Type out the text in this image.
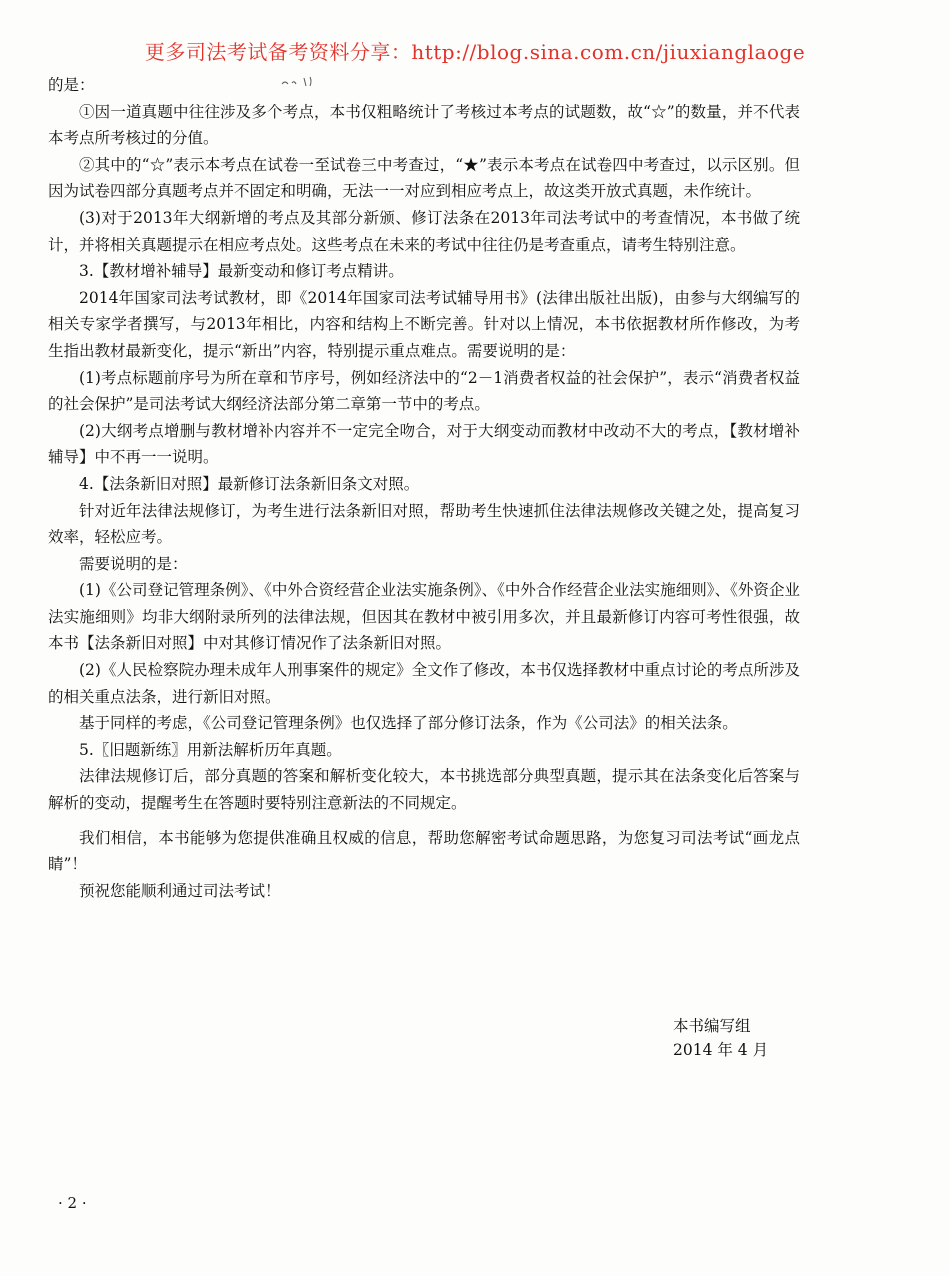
更多司法考试备考资料分享：http://blog.sina.com.cn/jiuxianglaoge

的是：

①因一道真题中往往涉及多个考点，本书仅粗略统计了考核过本考点的试题数，故“☆”的数量，并不代表本考点所考核过的分值。

②其中的“☆”表示本考点在试卷一至试卷三中考查过，“★”表示本考点在试卷四中考查过，以示区别。但因为试卷四部分真题考点并不固定和明确，无法一一对应到相应考点上，故这类开放式真题，未作统计。

(3)对于2013年大纲新增的考点及其部分新颁、修订法条在2013年司法考试中的考查情况，本书做了统计，并将相关真题提示在相应考点处。这些考点在未来的考试中往往仍是考查重点，请考生特别注意。

3.【教材增补辅导】最新变动和修订考点精讲。

2014年国家司法考试教材，即《2014年国家司法考试辅导用书》(法律出版社出版)，由参与大纲编写的相关专家学者撰写，与2013年相比，内容和结构上不断完善。针对以上情况，本书依据教材所作修改，为考生指出教材最新变化，提示“新出”内容，特别提示重点难点。需要说明的是：

(1)考点标题前序号为所在章和节序号，例如经济法中的“2－1消费者权益的社会保护”，表示“消费者权益的社会保护”是司法考试大纲经济法部分第二章第一节中的考点。

(2)大纲考点增删与教材增补内容并不一定完全吻合，对于大纲变动而教材中改动不大的考点，【教材增补辅导】中不再一一说明。

4.【法条新旧对照】最新修订法条新旧条文对照。

针对近年法律法规修订，为考生进行法条新旧对照，帮助考生快速抓住法律法规修改关键之处，提高复习效率，轻松应考。

需要说明的是：

(1)《公司登记管理条例》、《中外合资经营企业法实施条例》、《中外合作经营企业法实施细则》、《外资企业法实施细则》均非大纲附录所列的法律法规，但因其在教材中被引用多次，并且最新修订内容可考性很强，故本书【法条新旧对照】中对其修订情况作了法条新旧对照。

(2)《人民检察院办理未成年人刑事案件的规定》全文作了修改，本书仅选择教材中重点讨论的考点所涉及的相关重点法条，进行新旧对照。

基于同样的考虑，《公司登记管理条例》也仅选择了部分修订法条，作为《公司法》的相关法条。

5.〖旧题新练〗用新法解析历年真题。

法律法规修订后，部分真题的答案和解析变化较大，本书挑选部分典型真题，提示其在法条变化后答案与解析的变动，提醒考生在答题时要特别注意新法的不同规定。

我们相信，本书能够为您提供准确且权威的信息，帮助您解密考试命题思路，为您复习司法考试“画龙点睛”！

预祝您能顺利通过司法考试！

本书编写组
2014 年 4 月
· 2 ·
